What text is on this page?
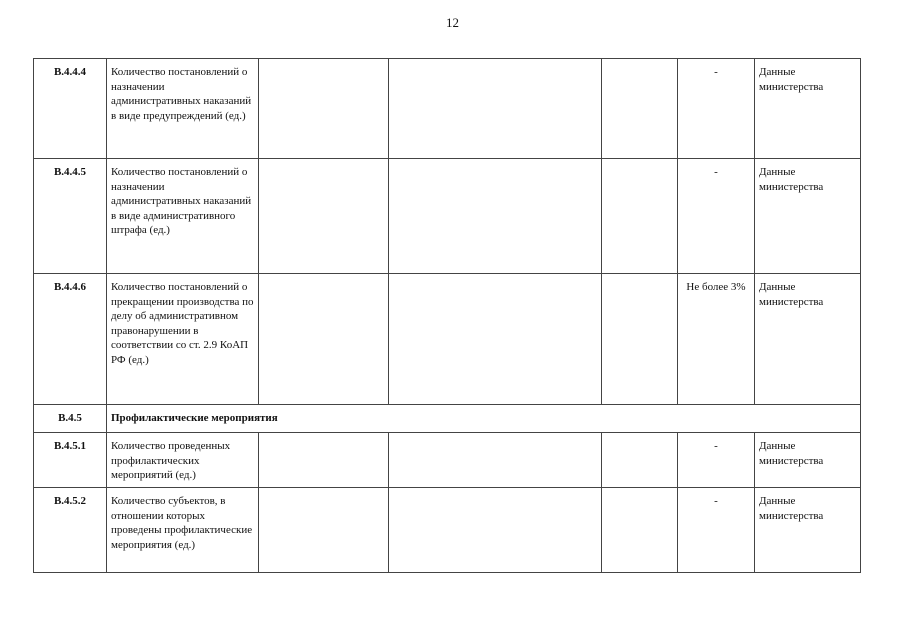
12
В.4.4.4	Количество постановлений о назначении административных наказаний в виде предупреждений (ед.)				-	Данные министерства
В.4.4.5	Количество постановлений о назначении административных наказаний в виде административного штрафа (ед.)				-	Данные министерства
В.4.4.6	Количество постановлений о прекращении производства по делу об административном правонарушении в соответствии со ст. 2.9 КоАП РФ (ед.)				Не более 3%	Данные министерства
В.4.5	Профилактические мероприятия					
В.4.5.1	Количество проведенных профилактических мероприятий (ед.)				-	Данные министерства
В.4.5.2	Количество субъектов, в отношении которых проведены профилактические мероприятия (ед.)				-	Данные министерства
